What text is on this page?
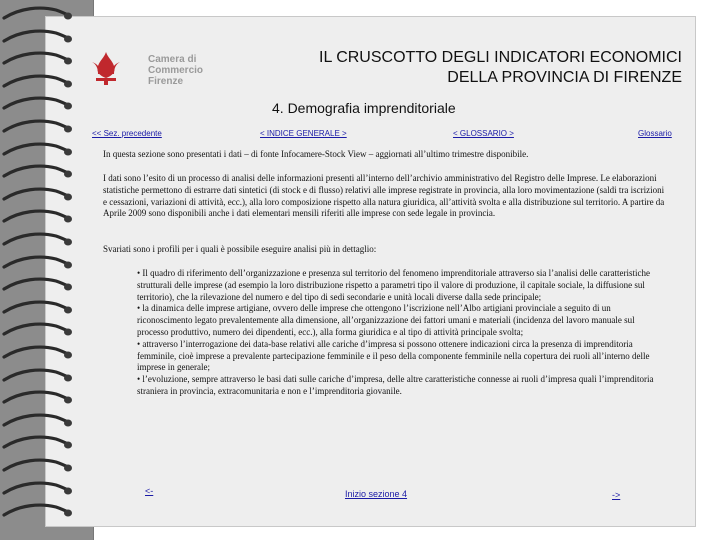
Camera di Commercio
Firenze
IL CRUSCOTTO DEGLI INDICATORI ECONOMICI
DELLA PROVINCIA DI FIRENZE
4. Demografia imprenditoriale
<< Sez. precedente	< INDICE GENERALE >	< GLOSSARIO >	Glossario
In questa sezione sono presentati i dati – di fonte Infocamere-Stock View – aggiornati all’ultimo trimestre disponibile.
I dati sono l’esito di un processo di analisi delle informazioni presenti all’interno dell’archivio amministrativo del Registro delle Imprese. Le elaborazioni statistiche permettono di estrarre dati sintetici (di stock e di flusso) relativi alle imprese registrate in provincia, alla loro movimentazione (saldi tra iscrizioni e cessazioni, variazioni di attività, ecc.), alla loro composizione rispetto alla natura giuridica, all’attività svolta e alla distribuzione sul territorio. A partire da Aprile 2009 sono disponibili anche i dati elementari mensili riferiti alle imprese con sede legale in provincia.
Svariati sono i profili per i quali è possibile eseguire analisi più in dettaglio:

• Il quadro di riferimento dell’organizzazione e presenza sul territorio del fenomeno imprenditoriale attraverso sia l’analisi delle caratteristiche strutturali delle imprese (ad esempio la loro distribuzione rispetto a parametri tipo il valore di produzione, il capitale sociale, la diffusione sul territorio), che la rilevazione del numero e del tipo di sedi secondarie e unità locali diverse dalla sede principale;

• la dinamica delle imprese artigiane, ovvero delle imprese che ottengono l’iscrizione nell’Albo artigiani provinciale a seguito di un riconoscimento legato prevalentemente alla dimensione, all’organizzazione dei fattori umani e materiali (incidenza del lavoro manuale sul processo produttivo, numero dei dipendenti, ecc.), alla forma giuridica e al tipo di attività principale svolta;

• attraverso l’interrogazione dei data-base relativi alle cariche d’impresa si possono ottenere indicazioni circa la presenza di imprenditoria femminile, cioè imprese a prevalente partecipazione femminile e il peso della componente femminile nella copertura dei ruoli all’interno delle imprese in generale;

• l’evoluzione, sempre attraverso le basi dati sulle cariche d’impresa, delle altre caratteristiche connesse ai ruoli d’impresa quali l’imprenditoria straniera in provincia, extracomunitaria e non e l’imprenditoria giovanile.

<-	Inizio sezione 4	->
